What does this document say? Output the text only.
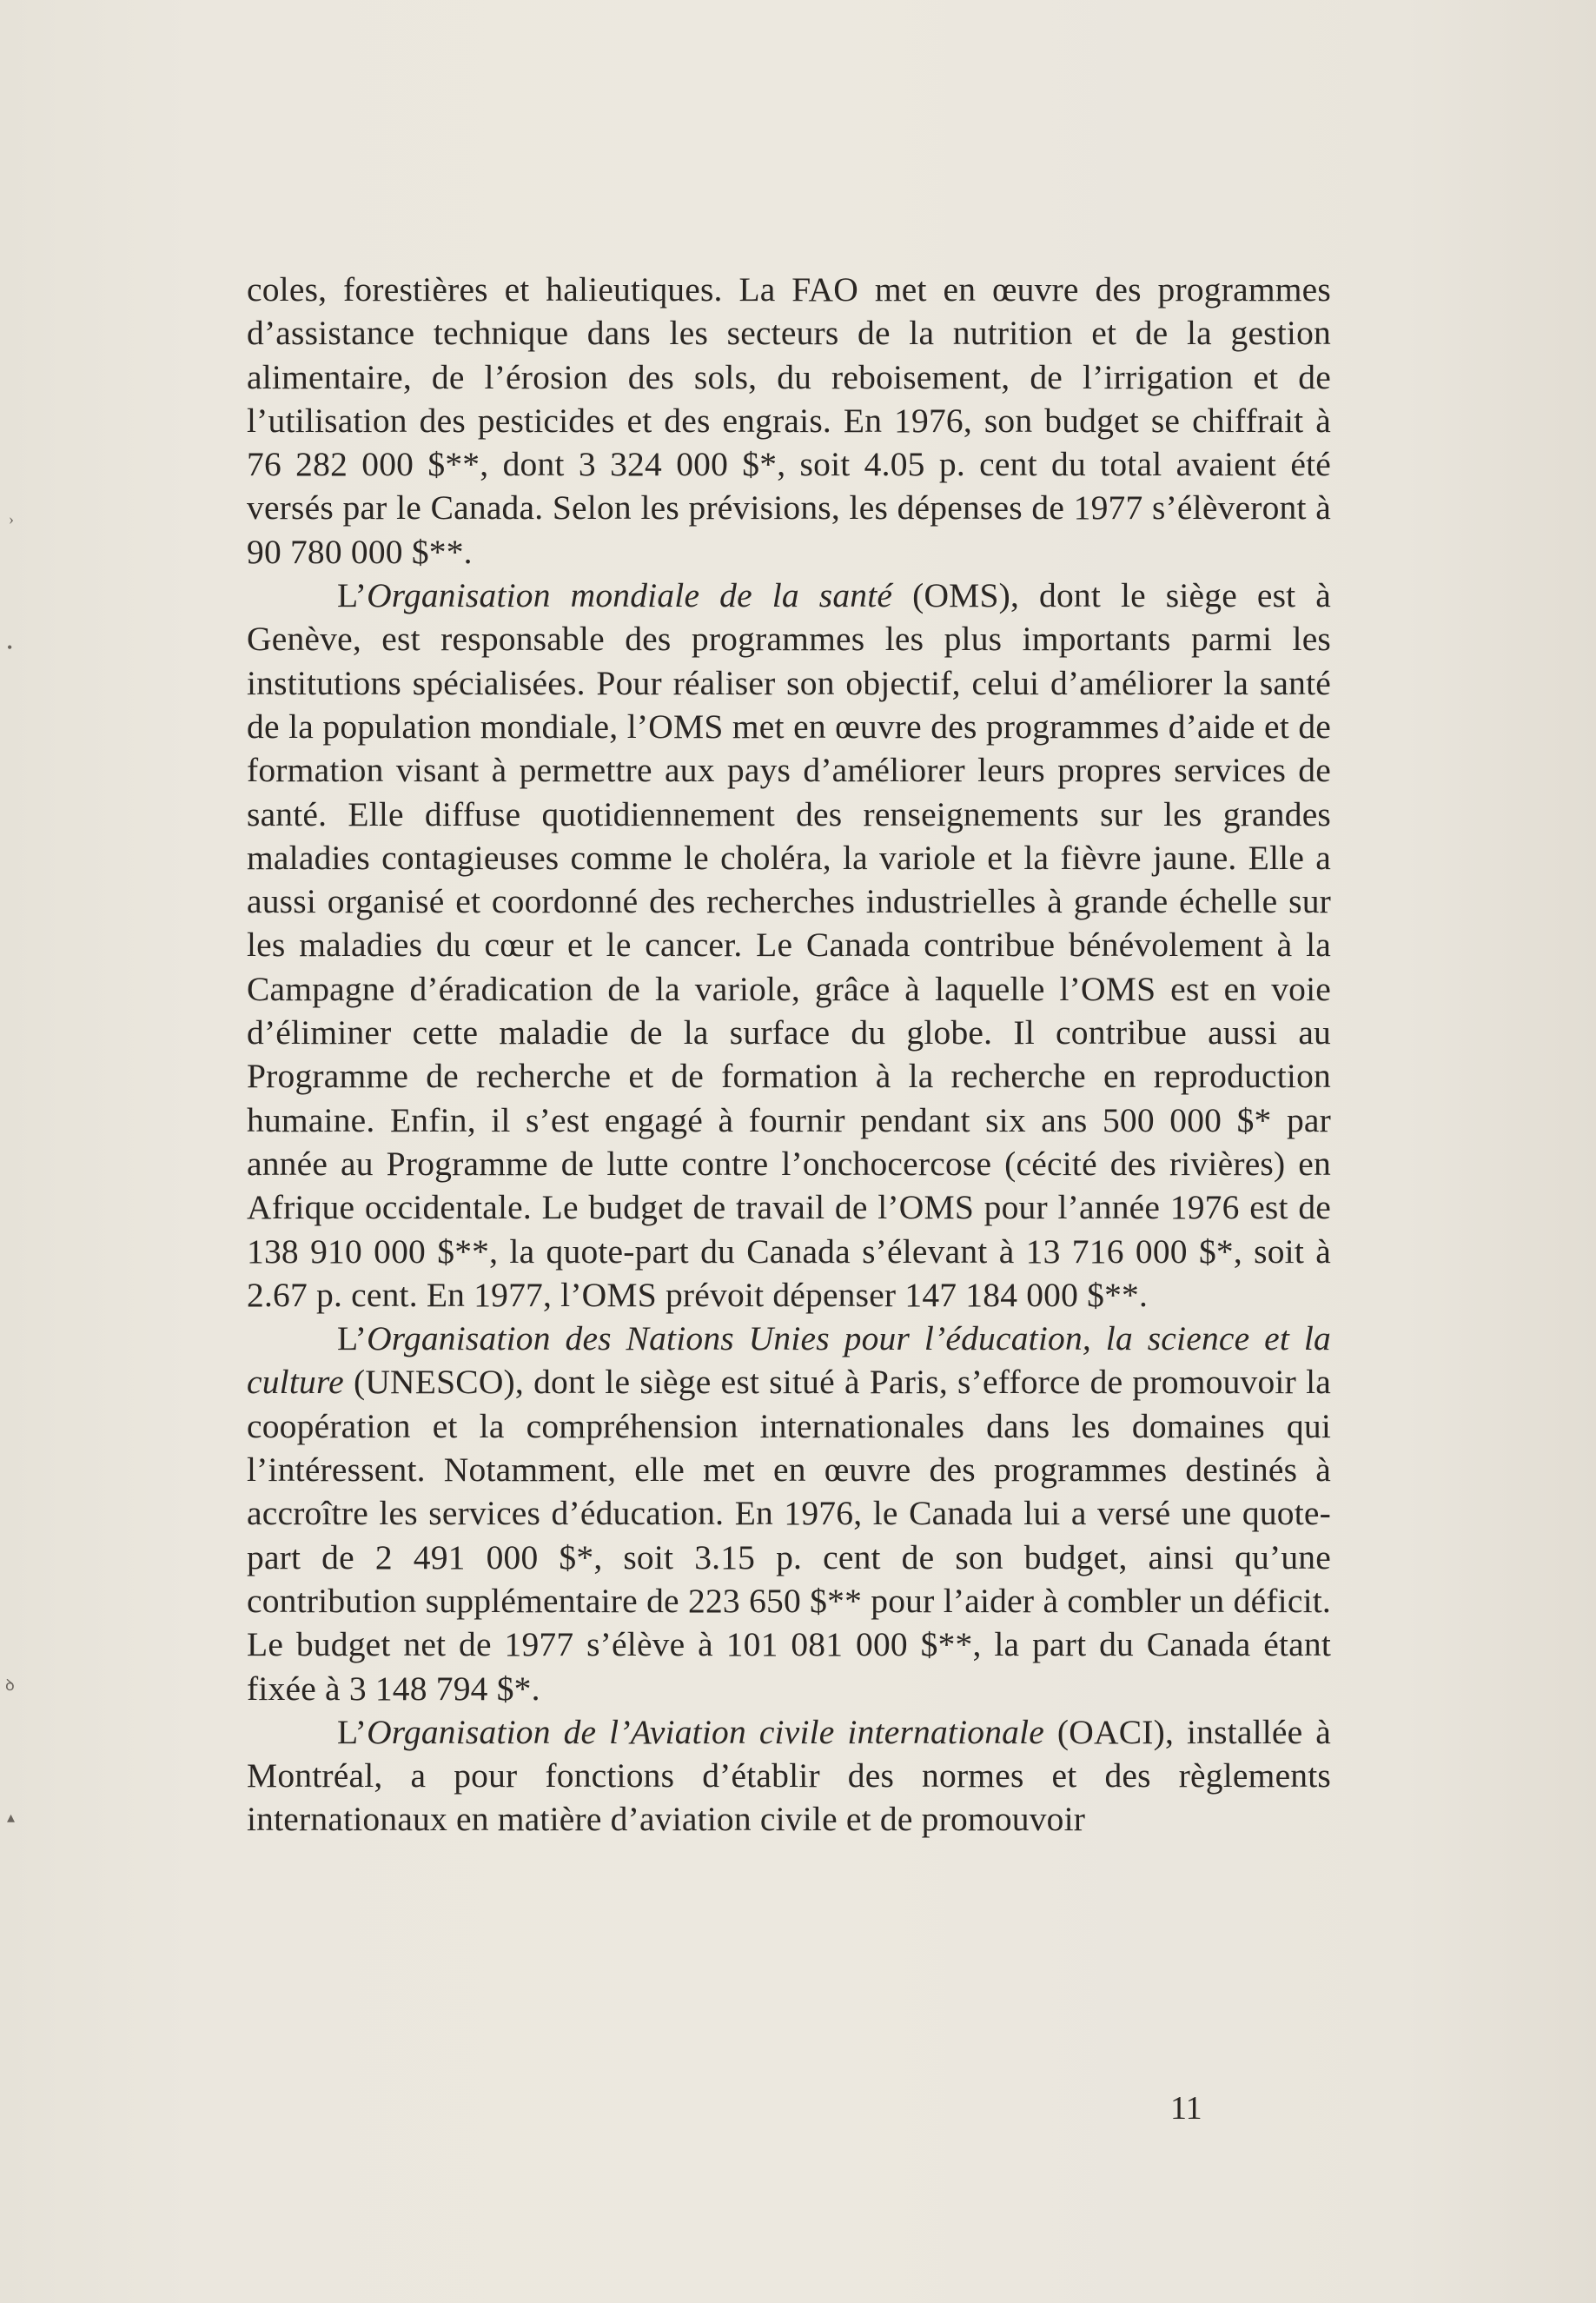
›
•
ꝺ
▴

coles, forestières et halieutiques. La FAO met en œuvre des programmes d’assistance technique dans les secteurs de la nutrition et de la gestion alimentaire, de l’érosion des sols, du reboisement, de l’irrigation et de l’utilisation des pesticides et des engrais. En 1976, son budget se chiffrait à 76 282 000 $**, dont 3 324 000 $*, soit 4.05 p. cent du total avaient été versés par le Canada. Selon les prévisions, les dépenses de 1977 s’élèveront à 90 780 000 $**.

L’Organisation mondiale de la santé (OMS), dont le siège est à Genève, est responsable des programmes les plus importants parmi les institutions spécialisées. Pour réaliser son objectif, celui d’améliorer la santé de la population mondiale, l’OMS met en œuvre des programmes d’aide et de formation visant à permettre aux pays d’améliorer leurs propres services de santé. Elle diffuse quotidiennement des renseignements sur les grandes maladies contagieuses comme le choléra, la variole et la fièvre jaune. Elle a aussi organisé et coordonné des recherches industrielles à grande échelle sur les maladies du cœur et le cancer. Le Canada contribue bénévolement à la Campagne d’éradication de la variole, grâce à laquelle l’OMS est en voie d’éliminer cette maladie de la surface du globe. Il contribue aussi au Programme de recherche et de formation à la recherche en reproduction humaine. Enfin, il s’est engagé à fournir pendant six ans 500 000 $* par année au Programme de lutte contre l’onchocercose (cécité des rivières) en Afrique occidentale. Le budget de travail de l’OMS pour l’année 1976 est de 138 910 000 $**, la quote-part du Canada s’élevant à 13 716 000 $*, soit à 2.67 p. cent. En 1977, l’OMS prévoit dépenser 147 184 000 $**.

L’Organisation des Nations Unies pour l’éducation, la science et la culture (UNESCO), dont le siège est situé à Paris, s’efforce de promouvoir la coopération et la compréhension internationales dans les domaines qui l’intéressent. Notamment, elle met en œuvre des programmes destinés à accroître les services d’éducation. En 1976, le Canada lui a versé une quote-part de 2 491 000 $*, soit 3.15 p. cent de son budget, ainsi qu’une contribution supplémentaire de 223 650 $** pour l’aider à combler un déficit. Le budget net de 1977 s’élève à 101 081 000 $**, la part du Canada étant fixée à 3 148 794 $*.

L’Organisation de l’Aviation civile internationale (OACI), installée à Montréal, a pour fonctions d’établir des normes et des règlements internationaux en matière d’aviation civile et de promouvoir

11
